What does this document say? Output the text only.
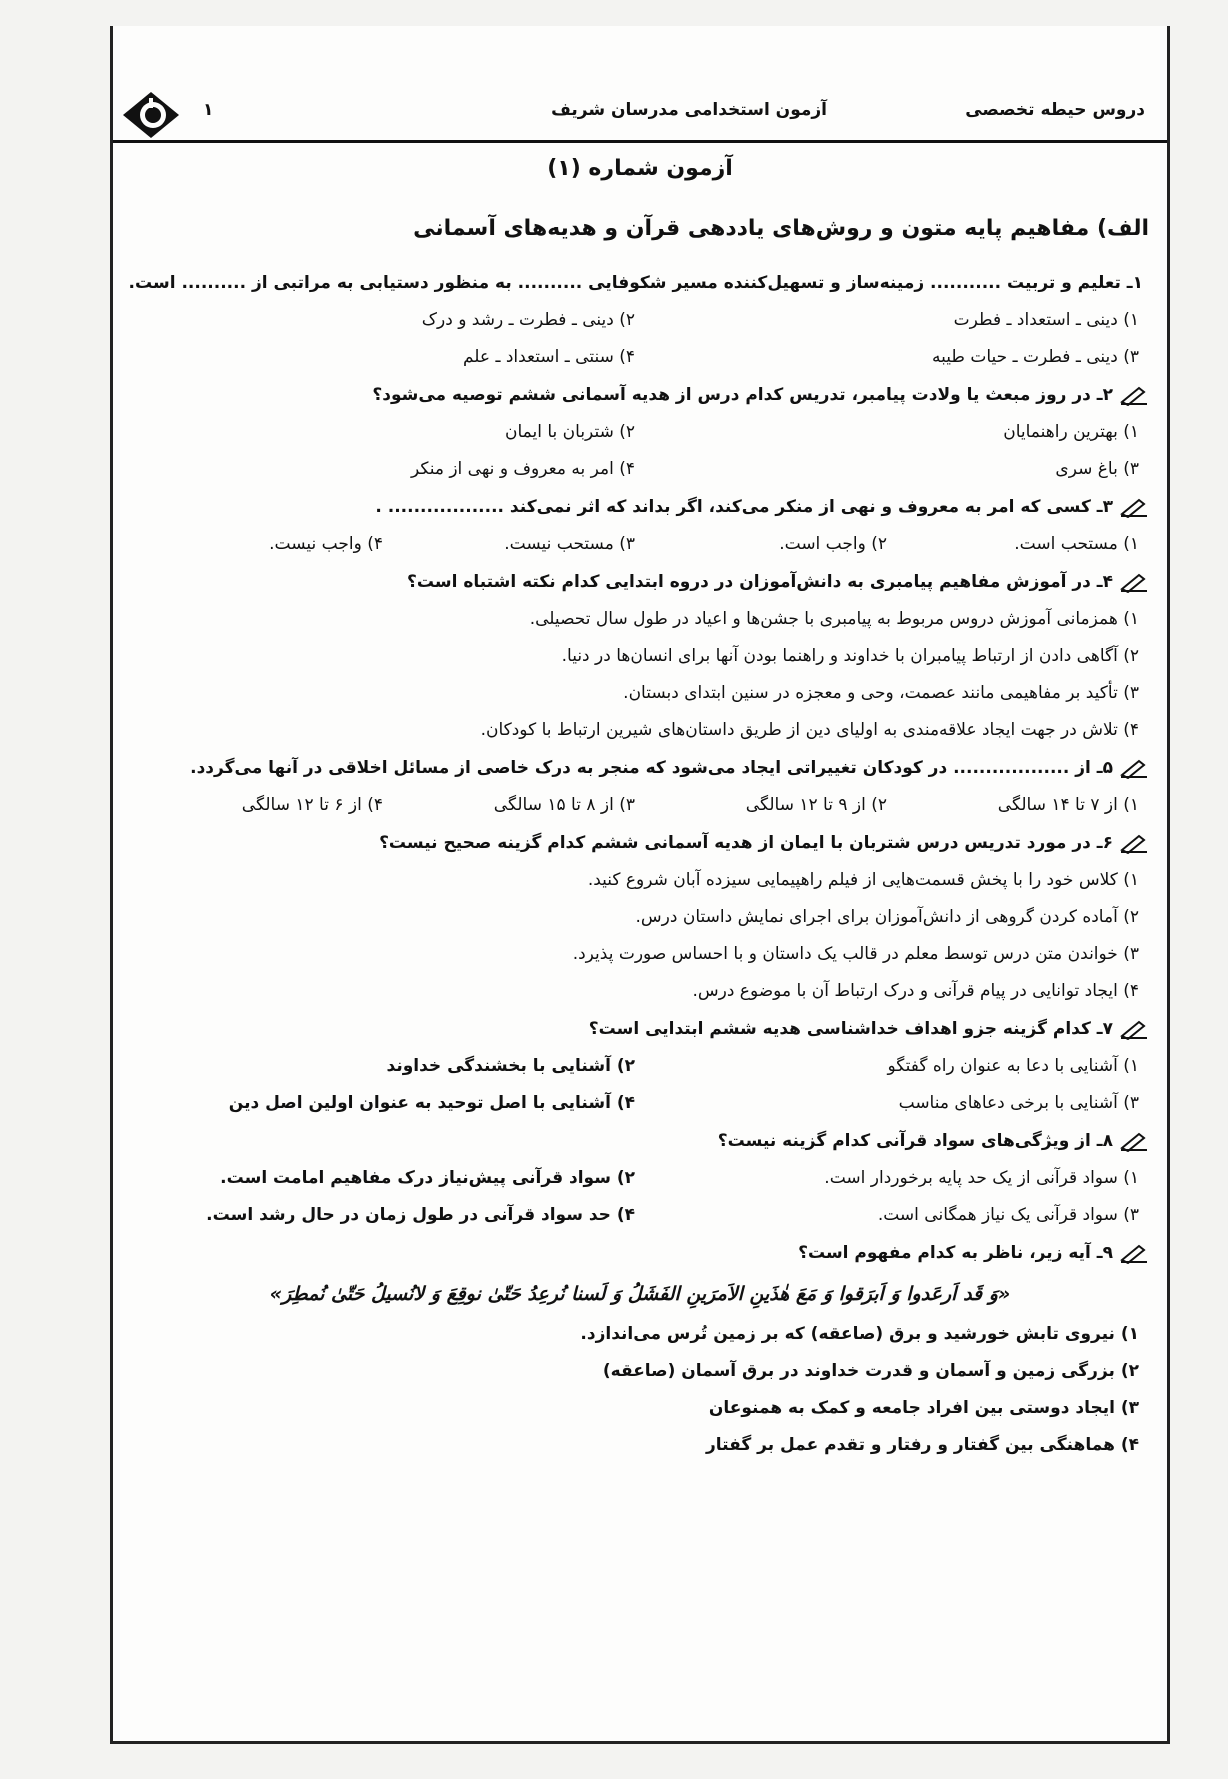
دروس حیطه تخصصی
آزمون استخدامی مدرسان شریف
۱
آزمون شماره (۱)
الف) مفاهیم پایه متون و روش‌های یاددهی قرآن و هدیه‌های آسمانی
۱ـ تعلیم و تربیت ........... زمینه‌ساز و تسهیل‌کننده مسیر شکوفایی .......... به منظور دستیابی به مراتبی از .......... است.
۱) دینی ـ استعداد ـ فطرت
۲) دینی ـ فطرت ـ رشد و درک
۳) دینی ـ فطرت ـ حیات طیبه
۴) سنتی ـ استعداد ـ علم
۲ـ در روز مبعث یا ولادت پیامبر، تدریس کدام درس از هدیه آسمانی ششم توصیه می‌شود؟
۱) بهترین راهنمایان
۲) شتربان با ایمان
۳) باغ سری
۴) امر به معروف و نهی از منکر
۳ـ کسی که امر به معروف و نهی از منکر می‌کند، اگر بداند که اثر نمی‌کند .................. .
۱) مستحب است.
۲) واجب است.
۳) مستحب نیست.
۴) واجب نیست.
۴ـ در آموزش مفاهیم پیامبری به دانش‌آموزان در دروه ابتدایی کدام نکته اشتباه است؟
۱) همزمانی آموزش دروس مربوط به پیامبری با جشن‌ها و اعیاد در طول سال تحصیلی.
۲) آگاهی دادن از ارتباط پیامبران با خداوند و راهنما بودن آنها برای انسان‌ها در دنیا.
۳) تأکید بر مفاهیمی مانند عصمت، وحی و معجزه در سنین ابتدای دبستان.
۴) تلاش در جهت ایجاد علاقه‌مندی به اولیای دین از طریق داستان‌های شیرین ارتباط با کودکان.
۵ـ از .................. در کودکان تغییراتی ایجاد می‌شود که منجر به درک خاصی از مسائل اخلاقی در آنها می‌گردد.
۱) از ۷ تا ۱۴ سالگی
۲) از ۹ تا ۱۲ سالگی
۳) از ۸ تا ۱۵ سالگی
۴) از ۶ تا ۱۲ سالگی
۶ـ در مورد تدریس درس شتربان با ایمان از هدیه آسمانی ششم کدام گزینه صحیح نیست؟
۱) کلاس خود را با پخش قسمت‌هایی از فیلم راهپیمایی سیزده آبان شروع کنید.
۲) آماده کردن گروهی از دانش‌آموزان برای اجرای نمایش داستان درس.
۳) خواندن متن درس توسط معلم در قالب یک داستان و با احساس صورت پذیرد.
۴) ایجاد توانایی در پیام قرآنی و درک ارتباط آن با موضوع درس.
۷ـ کدام گزینه جزو اهداف خداشناسی هدیه ششم ابتدایی است؟
۱) آشنایی با دعا به عنوان راه گفتگو
۲) آشنایی با بخشندگی خداوند
۳) آشنایی با برخی دعاهای مناسب
۴) آشنایی با اصل توحید به عنوان اولین اصل دین
۸ـ از ویژگی‌های سواد قرآنی کدام گزینه نیست؟
۱) سواد قرآنی از یک حد پایه برخوردار است.
۲) سواد قرآنی پیش‌نیاز درک مفاهیم امامت است.
۳) سواد قرآنی یک نیاز همگانی است.
۴) حد سواد قرآنی در طول زمان در حال رشد است.
۹ـ آیه زیر، ناظر به کدام مفهوم است؟
«وَ قَد اَرعَدوا وَ اَبرَقوا وَ مَعَ هٰذَینِ الاَمرَینِ الفَشَلُ وَ لَسنا نُرعِدُ حَتّیٰ نوقِعَ وَ لانُسیلُ حَتّیٰ نُمطِرَ»
۱) نیروی تابش خورشید و برق (صاعقه) که بر زمین تُرس می‌اندازد.
۲) بزرگی زمین و آسمان و قدرت خداوند در برق آسمان (صاعقه)
۳) ایجاد دوستی بین افراد جامعه و کمک به همنوعان
۴) هماهنگی بین گفتار و رفتار و تقدم عمل بر گفتار
